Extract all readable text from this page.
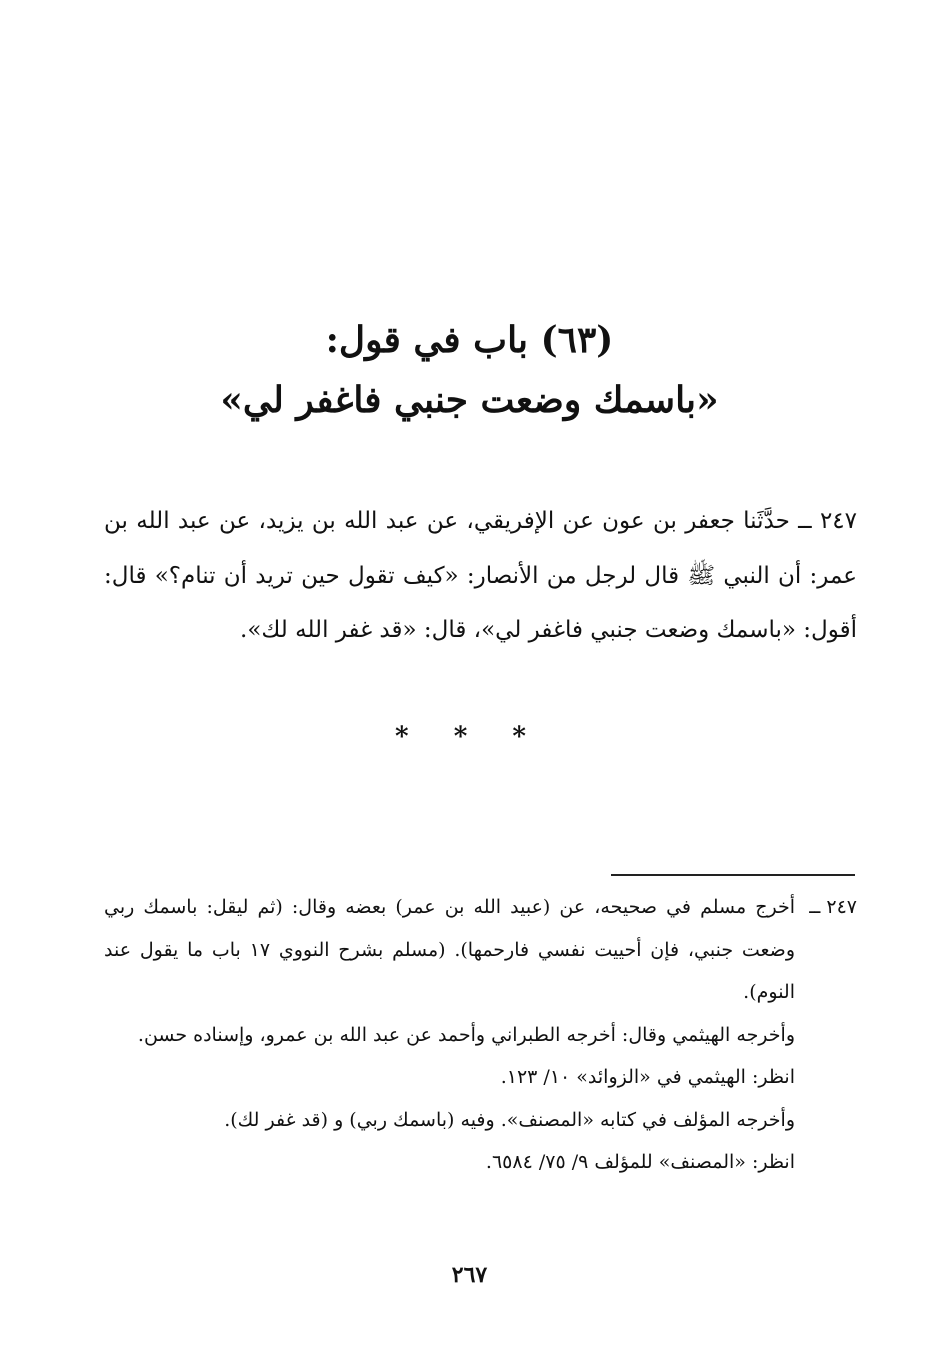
(٦٣) باب في قول:
«باسمك وضعت جنبي فاغفر لي»

٢٤٧ ــ حدَّثَنا جعفر بن عون عن الإفريقي، عن عبد الله بن يزيد، عن عبد الله بن عمر: أن النبي ﷺ قال لرجل من الأنصار: «كيف تقول حين تريد أن تنام؟» قال: أقول: «باسمك وضعت جنبي فاغفر لي»، قال: «قد غفر الله لك».

* * *
٢٤٧ ــ

أخرج مسلم في صحيحه، عن (عبيد الله بن عمر) بعضه وقال: (ثم ليقل: باسمك ربي وضعت جنبي، فإن أحييت نفسي فارحمها). (مسلم بشرح النووي ١٧ باب ما يقول عند النوم).

وأخرجه الهيثمي وقال: أخرجه الطبراني وأحمد عن عبد الله بن عمرو، وإسناده حسن.

انظر: الهيثمي في «الزوائد» ١٠/ ١٢٣.

وأخرجه المؤلف في كتابه «المصنف». وفيه (باسمك ربي) و (قد غفر لك).

انظر: «المصنف» للمؤلف ٩/ ٧٥/ ٦٥٨٤.

٢٦٧
